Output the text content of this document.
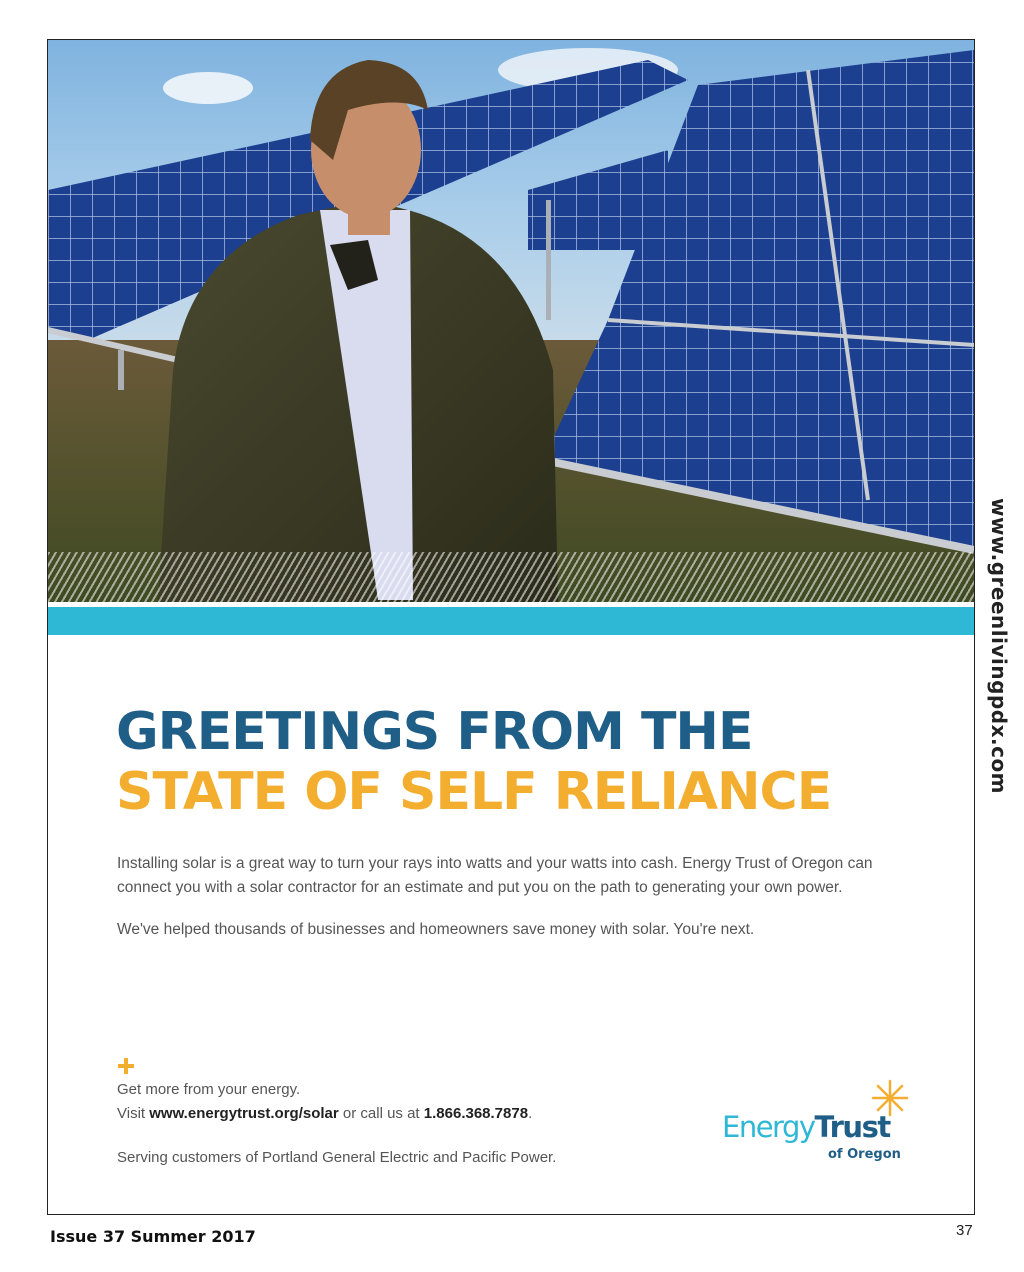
GREETINGS FROM THE
STATE OF SELF RELIANCE

Installing solar is a great way to turn your rays into watts and your watts into cash. Energy Trust of Oregon can connect you with a solar contractor for an estimate and put you on the path to generating your own power.

We've helped thousands of businesses and homeowners save money with solar. You're next.

Get more from your energy.

Visit www.energytrust.org/solar or call us at 1.866.368.7878.

Serving customers of Portland General Electric and Pacific Power.

EnergyTrust
of Oregon
www.greenlivingpdx.com
Issue 37 Summer 2017	37
